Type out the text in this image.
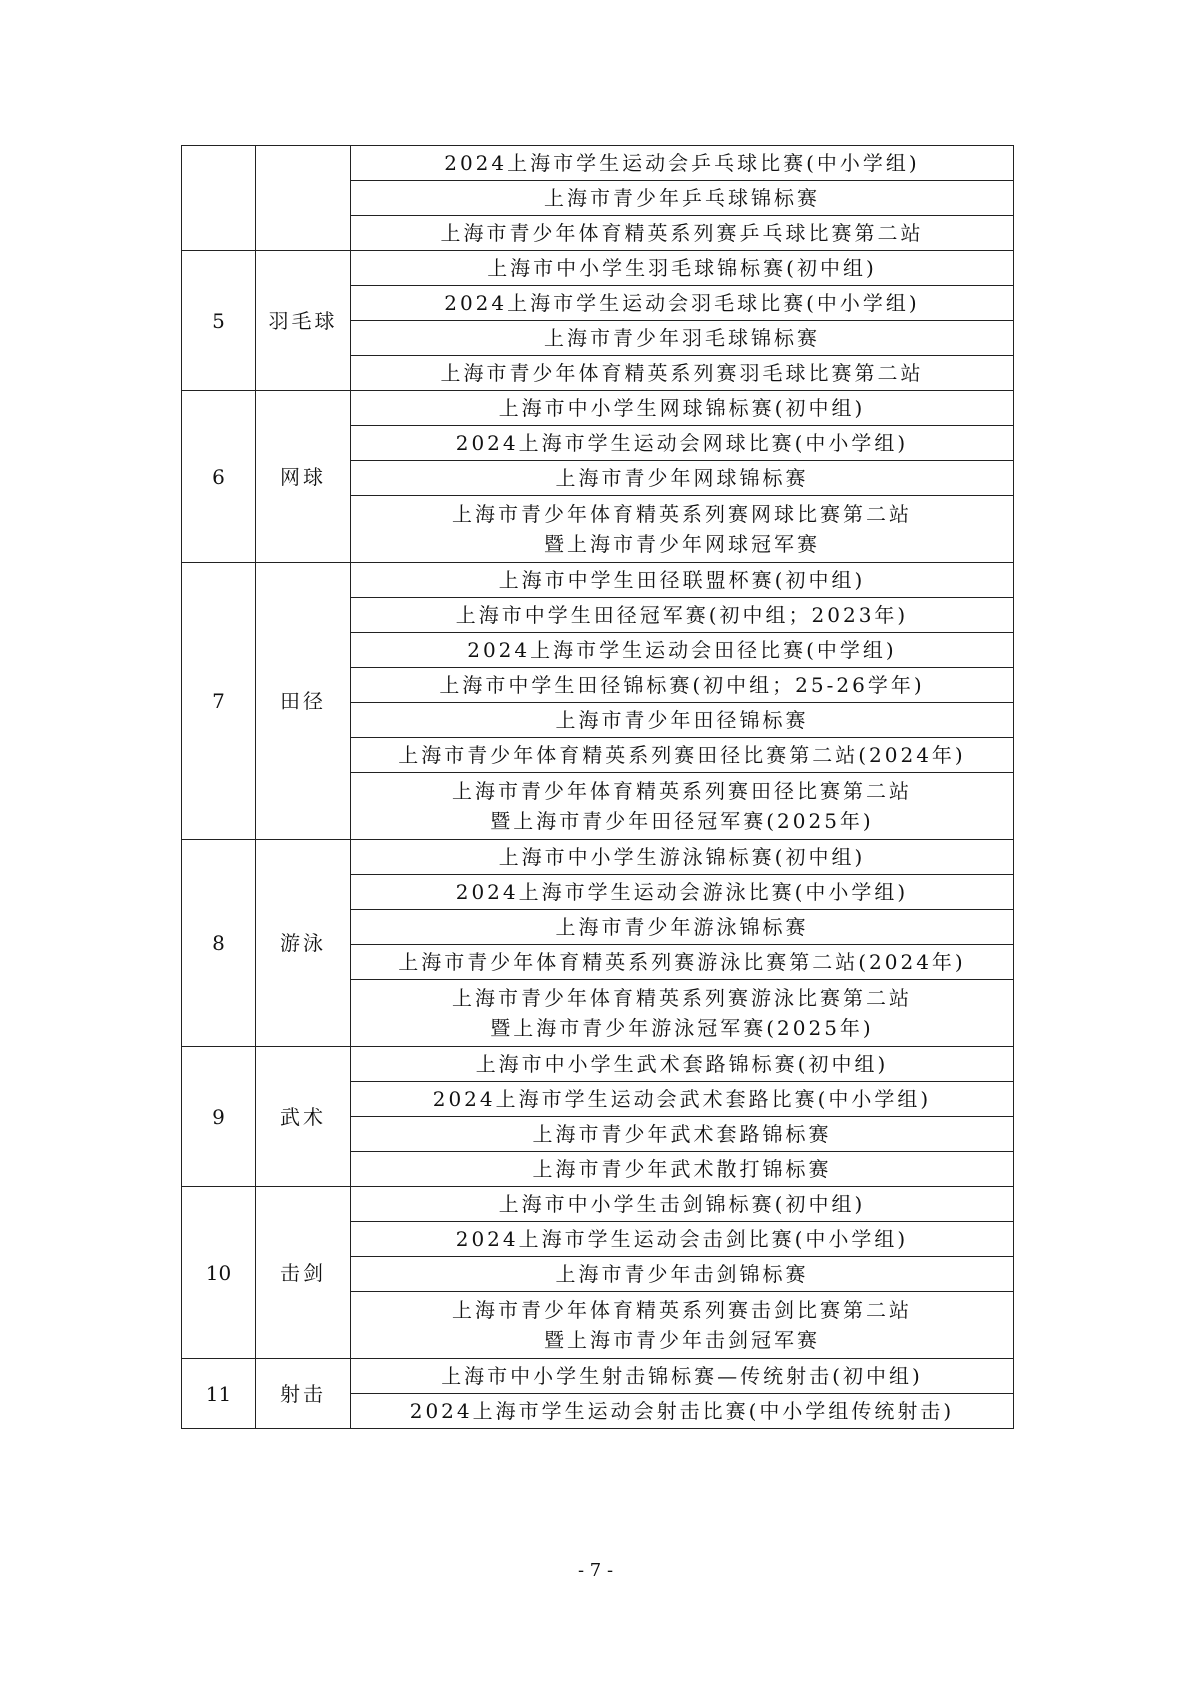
		2024上海市学生运动会乒乓球比赛(中小学组)

		上海市青少年乒乓球锦标赛

		上海市青少年体育精英系列赛乒乓球比赛第二站

5	羽毛球	上海市中小学生羽毛球锦标赛(初中组)

		2024上海市学生运动会羽毛球比赛(中小学组)

		上海市青少年羽毛球锦标赛

		上海市青少年体育精英系列赛羽毛球比赛第二站

6	网球	上海市中小学生网球锦标赛(初中组)

		2024上海市学生运动会网球比赛(中小学组)

		上海市青少年网球锦标赛

		上海市青少年体育精英系列赛网球比赛第二站
暨上海市青少年网球冠军赛

7	田径	上海市中学生田径联盟杯赛(初中组)

		上海市中学生田径冠军赛(初中组；2023年)

		2024上海市学生运动会田径比赛(中学组)

		上海市中学生田径锦标赛(初中组；25-26学年)

		上海市青少年田径锦标赛

		上海市青少年体育精英系列赛田径比赛第二站(2024年)

		上海市青少年体育精英系列赛田径比赛第二站
暨上海市青少年田径冠军赛(2025年)

8	游泳	上海市中小学生游泳锦标赛(初中组)

		2024上海市学生运动会游泳比赛(中小学组)

		上海市青少年游泳锦标赛

		上海市青少年体育精英系列赛游泳比赛第二站(2024年)

		上海市青少年体育精英系列赛游泳比赛第二站
暨上海市青少年游泳冠军赛(2025年)

9	武术	上海市中小学生武术套路锦标赛(初中组)

		2024上海市学生运动会武术套路比赛(中小学组)

		上海市青少年武术套路锦标赛

		上海市青少年武术散打锦标赛

10	击剑	上海市中小学生击剑锦标赛(初中组)

		2024上海市学生运动会击剑比赛(中小学组)

		上海市青少年击剑锦标赛

		上海市青少年体育精英系列赛击剑比赛第二站
暨上海市青少年击剑冠军赛

11	射击	上海市中小学生射击锦标赛—传统射击(初中组)

		2024上海市学生运动会射击比赛(中小学组传统射击)
- 7 -
